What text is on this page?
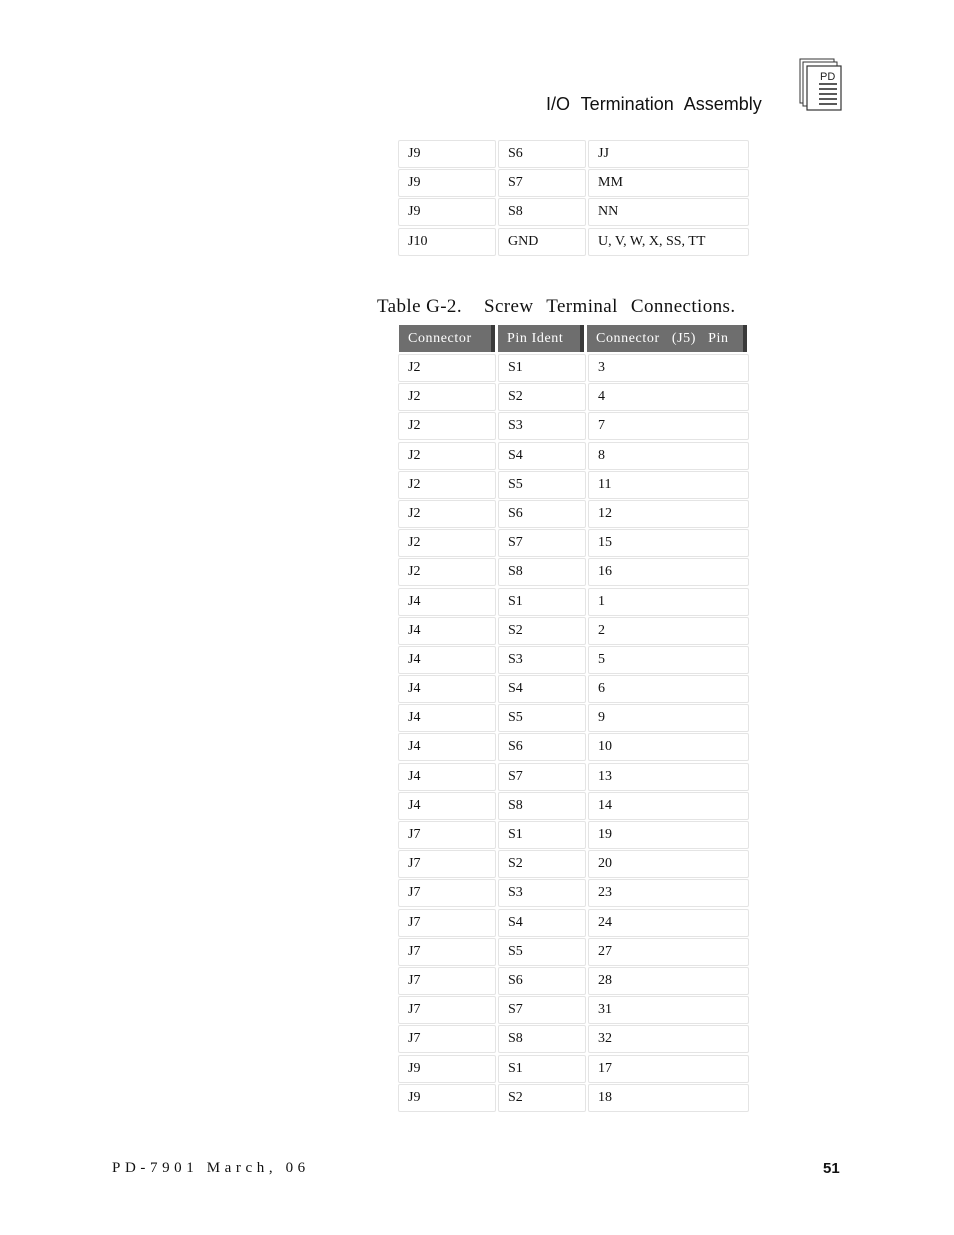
I/O Termination Assembly
PD
J9	S6	JJ
J9	S7	MM
J9	S8	NN
J10	GND	U, V, W, X, SS, TT
Table G-2. Screw Terminal Connections.
Connector	Pin Ident	Connector (J5) Pin
J2	S1	3
J2	S2	4
J2	S3	7
J2	S4	8
J2	S5	11
J2	S6	12
J2	S7	15
J2	S8	16
J4	S1	1
J4	S2	2
J4	S3	5
J4	S4	6
J4	S5	9
J4	S6	10
J4	S7	13
J4	S8	14
J7	S1	19
J7	S2	20
J7	S3	23
J7	S4	24
J7	S5	27
J7	S6	28
J7	S7	31
J7	S8	32
J9	S1	17
J9	S2	18
PD-7901 March, 06	51
